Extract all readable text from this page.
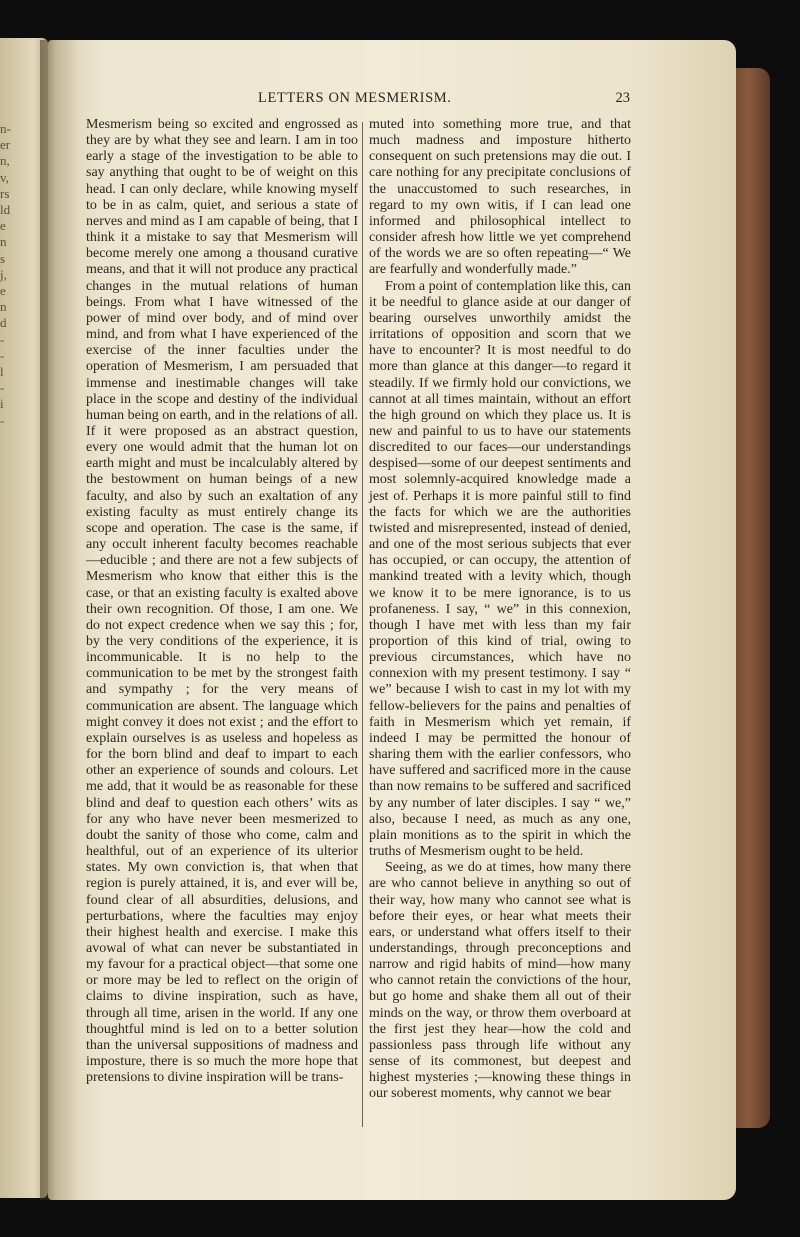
n-
er
n,
v,
rs
ld
e
n
s
j,
e
n
d
-
-
l
-
i
-
LETTERS ON MESMERISM.	23

Mesmerism being so excited and engrossed as they are by what they see and learn. I am in too early a stage of the investigation to be able to say anything that ought to be of weight on this head. I can only declare, while knowing myself to be in as calm, quiet, and serious a state of nerves and mind as I am capable of being, that I think it a mistake to say that Mesmerism will become merely one among a thousand curative means, and that it will not produce any practical changes in the mutual relations of human beings. From what I have witnessed of the power of mind over body, and of mind over mind, and from what I have experienced of the exercise of the inner faculties under the operation of Mesmerism, I am persuaded that immense and inestimable changes will take place in the scope and destiny of the individual human being on earth, and in the relations of all. If it were proposed as an abstract question, every one would admit that the human lot on earth might and must be incalculably altered by the bestowment on human beings of a new faculty, and also by such an exaltation of any existing faculty as must entirely change its scope and operation. The case is the same, if any occult inherent faculty becomes reachable—educible ; and there are not a few subjects of Mesmerism who know that either this is the case, or that an existing faculty is exalted above their own recognition. Of those, I am one. We do not expect credence when we say this ; for, by the very conditions of the experience, it is incommunicable. It is no help to the communication to be met by the strongest faith and sympathy ; for the very means of communication are absent. The language which might convey it does not exist ; and the effort to explain ourselves is as useless and hopeless as for the born blind and deaf to impart to each other an experience of sounds and colours. Let me add, that it would be as reasonable for these blind and deaf to question each others’ wits as for any who have never been mesmerized to doubt the sanity of those who come, calm and healthful, out of an experience of its ulterior states. My own conviction is, that when that region is purely attained, it is, and ever will be, found clear of all absurdities, delusions, and perturbations, where the faculties may enjoy their highest health and exercise. I make this avowal of what can never be substantiated in my favour for a practical object—that some one or more may be led to reflect on the origin of claims to divine inspiration, such as have, through all time, arisen in the world. If any one thoughtful mind is led on to a better solution than the universal suppositions of madness and imposture, there is so much the more hope that pretensions to divine inspiration will be trans-

muted into something more true, and that much madness and imposture hitherto consequent on such pretensions may die out. I care nothing for any precipitate conclusions of the unaccustomed to such researches, in regard to my own witis, if I can lead one informed and philosophical intellect to consider afresh how little we yet comprehend of the words we are so often repeating—“ We are fearfully and wonderfully made.”

From a point of contemplation like this, can it be needful to glance aside at our danger of bearing ourselves unworthily amidst the irritations of opposition and scorn that we have to encounter? It is most needful to do more than glance at this danger—to regard it steadily. If we firmly hold our convictions, we cannot at all times maintain, without an effort the high ground on which they place us. It is new and painful to us to have our statements discredited to our faces—our understandings despised—some of our deepest sentiments and most solemnly-acquired knowledge made a jest of. Perhaps it is more painful still to find the facts for which we are the authorities twisted and misrepresented, instead of denied, and one of the most serious subjects that ever has occupied, or can occupy, the attention of mankind treated with a levity which, though we know it to be mere ignorance, is to us profaneness. I say, “ we” in this connexion, though I have met with less than my fair proportion of this kind of trial, owing to previous circumstances, which have no connexion with my present testimony. I say “ we” because I wish to cast in my lot with my fellow-believers for the pains and penalties of faith in Mesmerism which yet remain, if indeed I may be permitted the honour of sharing them with the earlier confessors, who have suffered and sacrificed more in the cause than now remains to be suffered and sacrificed by any number of later disciples. I say “ we,” also, because I need, as much as any one, plain monitions as to the spirit in which the truths of Mesmerism ought to be held.

Seeing, as we do at times, how many there are who cannot believe in anything so out of their way, how many who cannot see what is before their eyes, or hear what meets their ears, or understand what offers itself to their understandings, through preconceptions and narrow and rigid habits of mind—how many who cannot retain the convictions of the hour, but go home and shake them all out of their minds on the way, or throw them overboard at the first jest they hear—how the cold and passionless pass through life without any sense of its commonest, but deepest and highest mysteries ;—knowing these things in our soberest moments, why cannot we bear
